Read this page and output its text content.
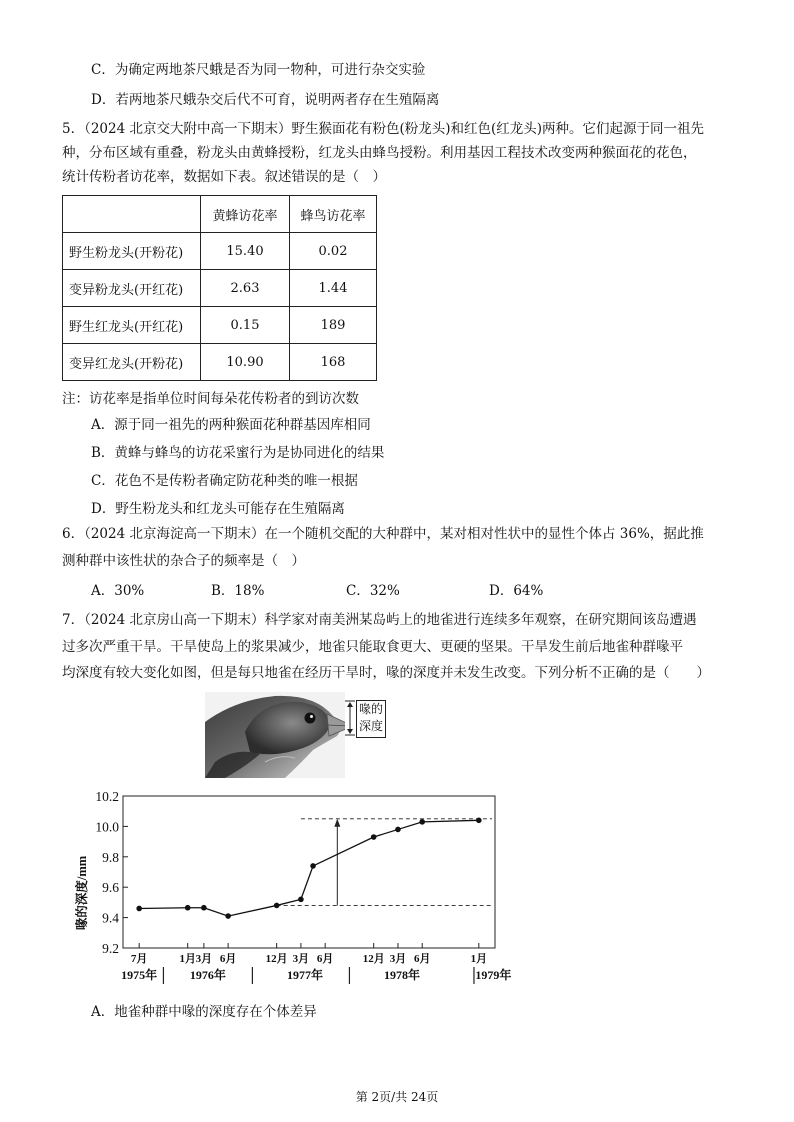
C．为确定两地茶尺蛾是否为同一物种，可进行杂交实验
D．若两地茶尺蛾杂交后代不可育，说明两者存在生殖隔离
5．（2024 北京交大附中高一下期末）野生猴面花有粉色(粉龙头)和红色(红龙头)两种。它们起源于同一祖先
种，分布区域有重叠，粉龙头由黄蜂授粉，红龙头由蜂鸟授粉。利用基因工程技术改变两种猴面花的花色，
统计传粉者访花率，数据如下表。叙述错误的是（　）
	黄蜂访花率	蜂鸟访花率
野生粉龙头(开粉花)	15.40	0.02
变异粉龙头(开红花)	2.63	1.44
野生红龙头(开红花)	0.15	189
变异红龙头(开粉花)	10.90	168
注：访花率是指单位时间每朵花传粉者的到访次数
A．源于同一祖先的两种猴面花种群基因库相同
B．黄蜂与蜂鸟的访花采蜜行为是协同进化的结果
C．花色不是传粉者确定防花种类的唯一根据
D．野生粉龙头和红龙头可能存在生殖隔离
6．（2024 北京海淀高一下期末）在一个随机交配的大种群中，某对相对性状中的显性个体占 36%，据此推
测种群中该性状的杂合子的频率是（　）
A．30%	B．18%	C．32%	D．64%
7．（2024 北京房山高一下期末）科学家对南美洲某岛屿上的地雀进行连续多年观察，在研究期间该岛遭遇
过多次严重干旱。干旱使岛上的浆果减少，地雀只能取食更大、更硬的坚果。干旱发生前后地雀种群喙平
均深度有较大变化如图，但是每只地雀在经历干旱时，喙的深度并未发生改变。下列分析不正确的是（　　）
喙的
深度
喙的深度/mm
9.2
9.4
9.6
9.8
10.0
10.2
7月	1月 3月 6月	12月 3月 6月	12月 3月 6月	1月
1975年	1976年	1977年	1978年	1979年
A．地雀种群中喙的深度存在个体差异
第 2页/共 24页
